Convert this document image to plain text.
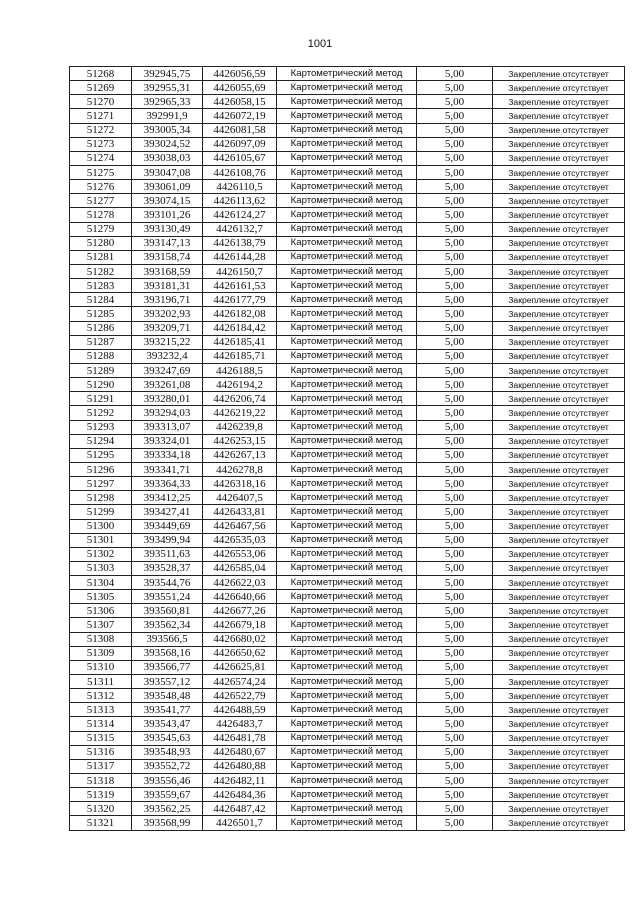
1001
51268	392945,75	4426056,59	Картометрический метод	5,00	Закрепление отсутствует
51269	392955,31	4426055,69	Картометрический метод	5,00	Закрепление отсутствует
51270	392965,33	4426058,15	Картометрический метод	5,00	Закрепление отсутствует
51271	392991,9	4426072,19	Картометрический метод	5,00	Закрепление отсутствует
51272	393005,34	4426081,58	Картометрический метод	5,00	Закрепление отсутствует
51273	393024,52	4426097,09	Картометрический метод	5,00	Закрепление отсутствует
51274	393038,03	4426105,67	Картометрический метод	5,00	Закрепление отсутствует
51275	393047,08	4426108,76	Картометрический метод	5,00	Закрепление отсутствует
51276	393061,09	4426110,5	Картометрический метод	5,00	Закрепление отсутствует
51277	393074,15	4426113,62	Картометрический метод	5,00	Закрепление отсутствует
51278	393101,26	4426124,27	Картометрический метод	5,00	Закрепление отсутствует
51279	393130,49	4426132,7	Картометрический метод	5,00	Закрепление отсутствует
51280	393147,13	4426138,79	Картометрический метод	5,00	Закрепление отсутствует
51281	393158,74	4426144,28	Картометрический метод	5,00	Закрепление отсутствует
51282	393168,59	4426150,7	Картометрический метод	5,00	Закрепление отсутствует
51283	393181,31	4426161,53	Картометрический метод	5,00	Закрепление отсутствует
51284	393196,71	4426177,79	Картометрический метод	5,00	Закрепление отсутствует
51285	393202,93	4426182,08	Картометрический метод	5,00	Закрепление отсутствует
51286	393209,71	4426184,42	Картометрический метод	5,00	Закрепление отсутствует
51287	393215,22	4426185,41	Картометрический метод	5,00	Закрепление отсутствует
51288	393232,4	4426185,71	Картометрический метод	5,00	Закрепление отсутствует
51289	393247,69	4426188,5	Картометрический метод	5,00	Закрепление отсутствует
51290	393261,08	4426194,2	Картометрический метод	5,00	Закрепление отсутствует
51291	393280,01	4426206,74	Картометрический метод	5,00	Закрепление отсутствует
51292	393294,03	4426219,22	Картометрический метод	5,00	Закрепление отсутствует
51293	393313,07	4426239,8	Картометрический метод	5,00	Закрепление отсутствует
51294	393324,01	4426253,15	Картометрический метод	5,00	Закрепление отсутствует
51295	393334,18	4426267,13	Картометрический метод	5,00	Закрепление отсутствует
51296	393341,71	4426278,8	Картометрический метод	5,00	Закрепление отсутствует
51297	393364,33	4426318,16	Картометрический метод	5,00	Закрепление отсутствует
51298	393412,25	4426407,5	Картометрический метод	5,00	Закрепление отсутствует
51299	393427,41	4426433,81	Картометрический метод	5,00	Закрепление отсутствует
51300	393449,69	4426467,56	Картометрический метод	5,00	Закрепление отсутствует
51301	393499,94	4426535,03	Картометрический метод	5,00	Закрепление отсутствует
51302	393511,63	4426553,06	Картометрический метод	5,00	Закрепление отсутствует
51303	393528,37	4426585,04	Картометрический метод	5,00	Закрепление отсутствует
51304	393544,76	4426622,03	Картометрический метод	5,00	Закрепление отсутствует
51305	393551,24	4426640,66	Картометрический метод	5,00	Закрепление отсутствует
51306	393560,81	4426677,26	Картометрический метод	5,00	Закрепление отсутствует
51307	393562,34	4426679,18	Картометрический метод	5,00	Закрепление отсутствует
51308	393566,5	4426680,02	Картометрический метод	5,00	Закрепление отсутствует
51309	393568,16	4426650,62	Картометрический метод	5,00	Закрепление отсутствует
51310	393566,77	4426625,81	Картометрический метод	5,00	Закрепление отсутствует
51311	393557,12	4426574,24	Картометрический метод	5,00	Закрепление отсутствует
51312	393548,48	4426522,79	Картометрический метод	5,00	Закрепление отсутствует
51313	393541,77	4426488,59	Картометрический метод	5,00	Закрепление отсутствует
51314	393543,47	4426483,7	Картометрический метод	5,00	Закрепление отсутствует
51315	393545,63	4426481,78	Картометрический метод	5,00	Закрепление отсутствует
51316	393548,93	4426480,67	Картометрический метод	5,00	Закрепление отсутствует
51317	393552,72	4426480,88	Картометрический метод	5,00	Закрепление отсутствует
51318	393556,46	4426482,11	Картометрический метод	5,00	Закрепление отсутствует
51319	393559,67	4426484,36	Картометрический метод	5,00	Закрепление отсутствует
51320	393562,25	4426487,42	Картометрический метод	5,00	Закрепление отсутствует
51321	393568,99	4426501,7	Картометрический метод	5,00	Закрепление отсутствует
